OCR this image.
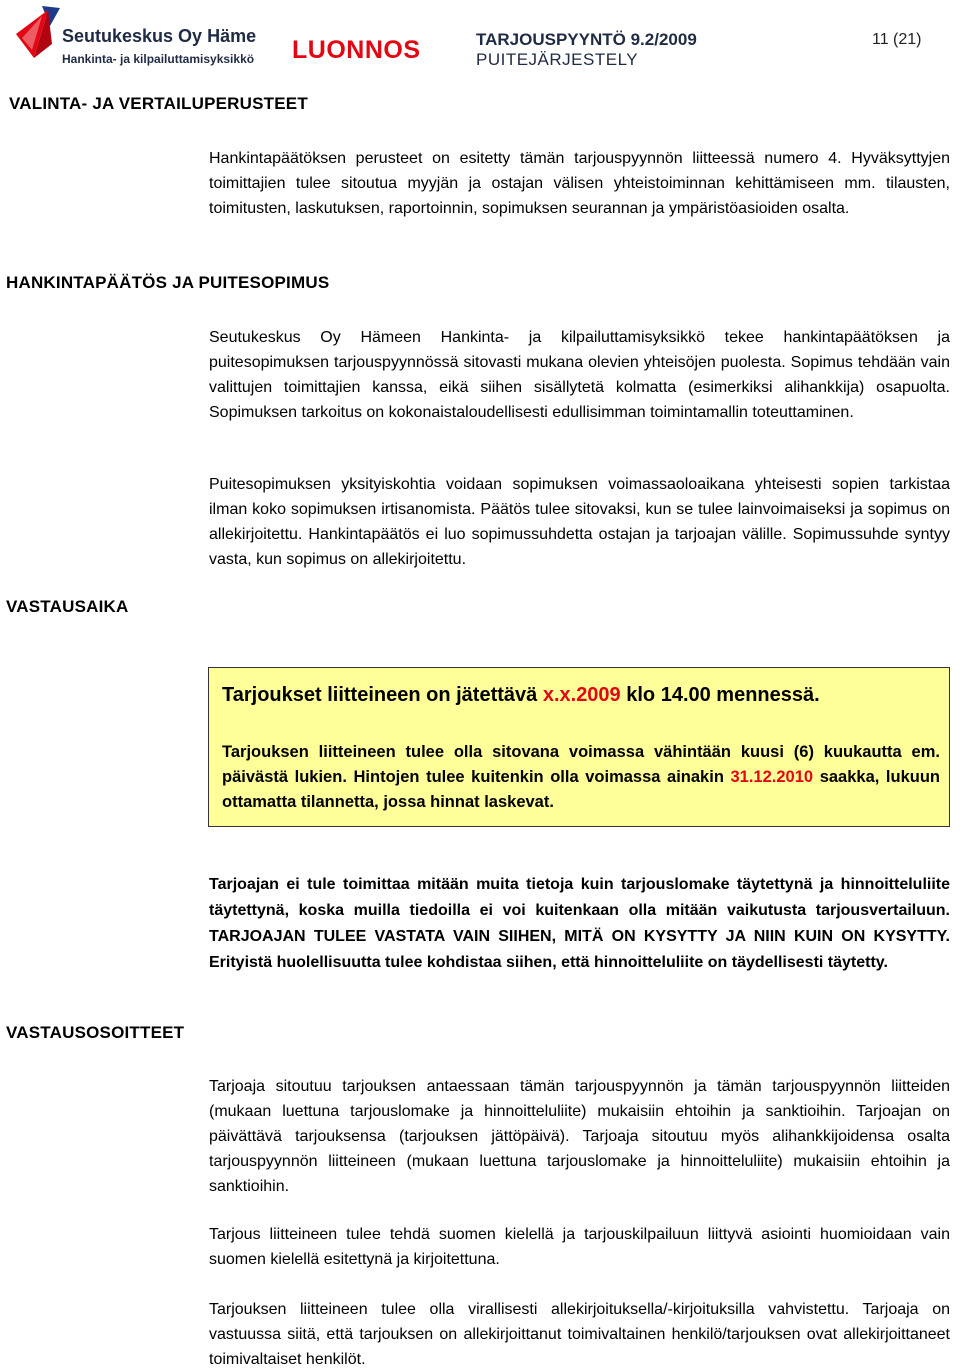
Seutukeskus Oy Häme
Hankinta- ja kilpailuttamisyksikkö LUONNOS	TARJOUSPYYNTÖ 9.2/2009
PUITEJÄRJESTELY
11 (21)
VALINTA- JA VERTAILUPERUSTEET
Hankintapäätöksen perusteet on esitetty tämän tarjouspyynnön liitteessä numero 4. Hyväksyttyjen toimittajien tulee sitoutua myyjän ja ostajan välisen yhteistoiminnan kehittämiseen mm. tilausten, toimitusten, laskutuksen, raportoinnin, sopimuksen seurannan ja ympäristöasioiden osalta.
HANKINTAPÄÄTÖS JA PUITESOPIMUS
Seutukeskus Oy Hämeen Hankinta- ja kilpailuttamisyksikkö tekee hankintapäätöksen ja puitesopimuksen tarjouspyynnössä sitovasti mukana olevien yhteisöjen puolesta. Sopimus tehdään vain valittujen toimittajien kanssa, eikä siihen sisällytetä kolmatta (esimerkiksi alihankkija) osapuolta. Sopimuksen tarkoitus on kokonaistaloudellisesti edullisimman toimintamallin toteuttaminen.
Puitesopimuksen yksityiskohtia voidaan sopimuksen voimassaoloaikana yhteisesti sopien tarkistaa ilman koko sopimuksen irtisanomista. Päätös tulee sitovaksi, kun se tulee lainvoimaiseksi ja sopimus on allekirjoitettu. Hankintapäätös ei luo sopimussuhdetta ostajan ja tarjoajan välille. Sopimussuhde syntyy vasta, kun sopimus on allekirjoitettu.
VASTAUSAIKA
Tarjoukset liitteineen on jätettävä x.x.2009 klo 14.00 mennessä.
Tarjouksen liitteineen tulee olla sitovana voimassa vähintään kuusi (6) kuukautta em. päivästä lukien. Hintojen tulee kuitenkin olla voimassa ainakin 31.12.2010 saakka, lukuun ottamatta tilannetta, jossa hinnat laskevat.
Tarjoajan ei tule toimittaa mitään muita tietoja kuin tarjouslomake täytettynä ja hinnoitteluliite täytettynä, koska muilla tiedoilla ei voi kuitenkaan olla mitään vaikutusta tarjousvertailuun. TARJOAJAN TULEE VASTATA VAIN SIIHEN, MITÄ ON KYSYTTY JA NIIN KUIN ON KYSYTTY. Erityistä huolellisuutta tulee kohdistaa siihen, että hinnoitteluliite on täydellisesti täytetty.
VASTAUSOSOITTEET
Tarjoaja sitoutuu tarjouksen antaessaan tämän tarjouspyynnön ja tämän tarjouspyynnön liitteiden (mukaan luettuna tarjouslomake ja hinnoitteluliite) mukaisiin ehtoihin ja sanktioihin. Tarjoajan on päivättävä tarjouksensa (tarjouksen jättöpäivä). Tarjoaja sitoutuu myös alihankkijoidensa osalta tarjouspyynnön liitteineen (mukaan luettuna tarjouslomake ja hinnoitteluliite) mukaisiin ehtoihin ja sanktioihin.
Tarjous liitteineen tulee tehdä suomen kielellä ja tarjouskilpailuun liittyvä asiointi huomioidaan vain suomen kielellä esitettynä ja kirjoitettuna.
Tarjouksen liitteineen tulee olla virallisesti allekirjoituksella/-kirjoituksilla vahvistettu. Tarjoaja on vastuussa siitä, että tarjouksen on allekirjoittanut toimivaltainen henkilö/tarjouksen ovat allekirjoittaneet toimivaltaiset henkilöt.
